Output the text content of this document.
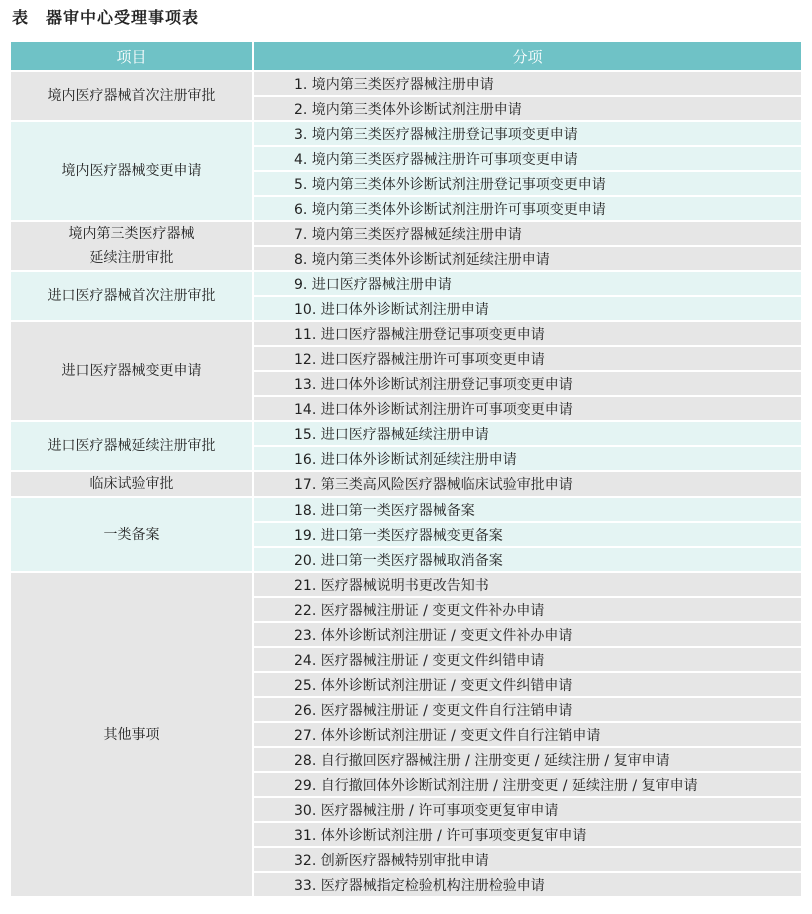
表　器审中心受理事项表
项目	分项
境内医疗器械首次注册审批	1. 境内第三类医疗器械注册申请
	2. 境内第三类体外诊断试剂注册申请
境内医疗器械变更申请	3. 境内第三类医疗器械注册登记事项变更申请
	4. 境内第三类医疗器械注册许可事项变更申请
	5. 境内第三类体外诊断试剂注册登记事项变更申请
	6. 境内第三类体外诊断试剂注册许可事项变更申请
境内第三类医疗器械
延续注册审批	7. 境内第三类医疗器械延续注册申请
	8. 境内第三类体外诊断试剂延续注册申请
进口医疗器械首次注册审批	9. 进口医疗器械注册申请
	10. 进口体外诊断试剂注册申请
进口医疗器械变更申请	11. 进口医疗器械注册登记事项变更申请
	12. 进口医疗器械注册许可事项变更申请
	13. 进口体外诊断试剂注册登记事项变更申请
	14. 进口体外诊断试剂注册许可事项变更申请
进口医疗器械延续注册审批	15. 进口医疗器械延续注册申请
	16. 进口体外诊断试剂延续注册申请
临床试验审批	17. 第三类高风险医疗器械临床试验审批申请
一类备案	18. 进口第一类医疗器械备案
	19. 进口第一类医疗器械变更备案
	20. 进口第一类医疗器械取消备案
其他事项	21. 医疗器械说明书更改告知书
	22. 医疗器械注册证 / 变更文件补办申请
	23. 体外诊断试剂注册证 / 变更文件补办申请
	24. 医疗器械注册证 / 变更文件纠错申请
	25. 体外诊断试剂注册证 / 变更文件纠错申请
	26. 医疗器械注册证 / 变更文件自行注销申请
	27. 体外诊断试剂注册证 / 变更文件自行注销申请
	28. 自行撤回医疗器械注册 / 注册变更 / 延续注册 / 复审申请
	29. 自行撤回体外诊断试剂注册 / 注册变更 / 延续注册 / 复审申请
	30. 医疗器械注册 / 许可事项变更复审申请
	31. 体外诊断试剂注册 / 许可事项变更复审申请
	32. 创新医疗器械特别审批申请
	33. 医疗器械指定检验机构注册检验申请
